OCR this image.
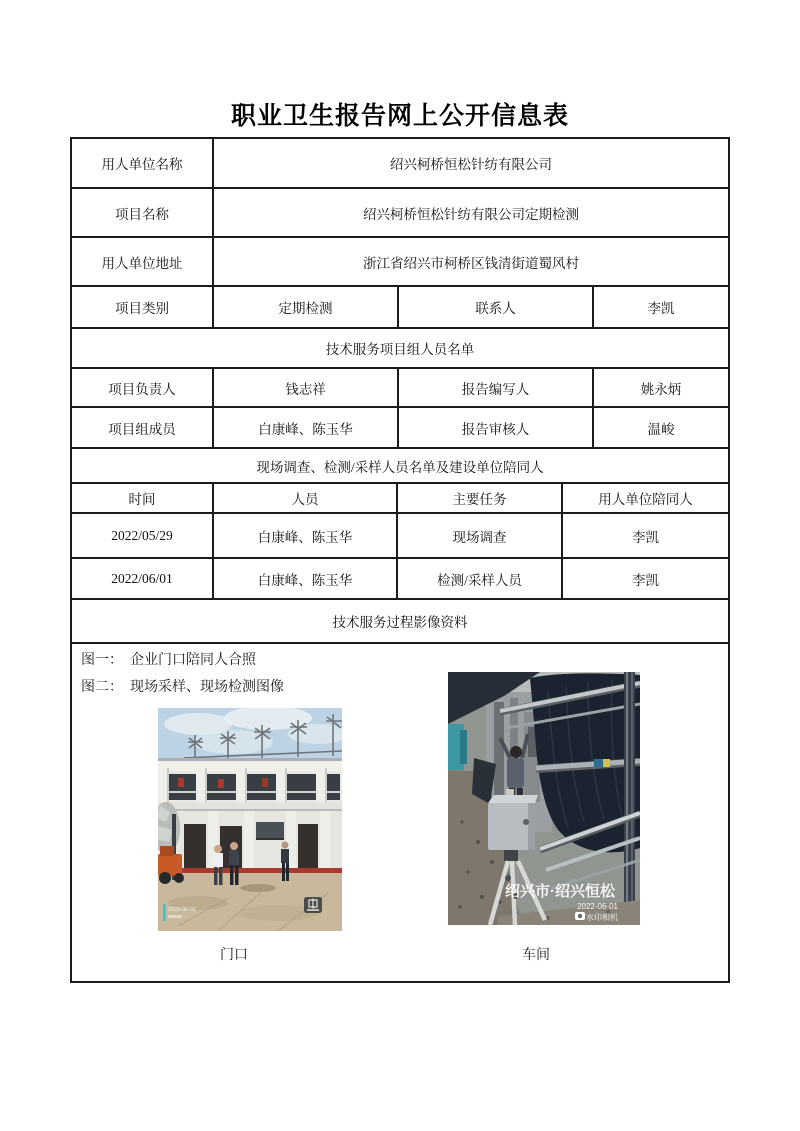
职业卫生报告网上公开信息表
用人单位名称	绍兴柯桥恒松针纺有限公司
项目名称	绍兴柯桥恒松针纺有限公司定期检测
用人单位地址	浙江省绍兴市柯桥区钱清街道蜀风村
项目类别	定期检测	联系人	李凯
技术服务项目组人员名单
项目负责人	钱志祥	报告编写人	姚永炳
项目组成员	白康峰、陈玉华	报告审核人	温峻
现场调查、检测/采样人员名单及建设单位陪同人
时间	人员	主要任务	用人单位陪同人
2022/05/29	白康峰、陈玉华	现场调查	李凯
2022/06/01	白康峰、陈玉华	检测/采样人员	李凯
技术服务过程影像资料
图一：  企业门口陪同人合照
图二：  现场采样、现场检测图像
2022-06-01
绍兴市·绍兴恒松
2022-06-01
水印相机
门口	车间
